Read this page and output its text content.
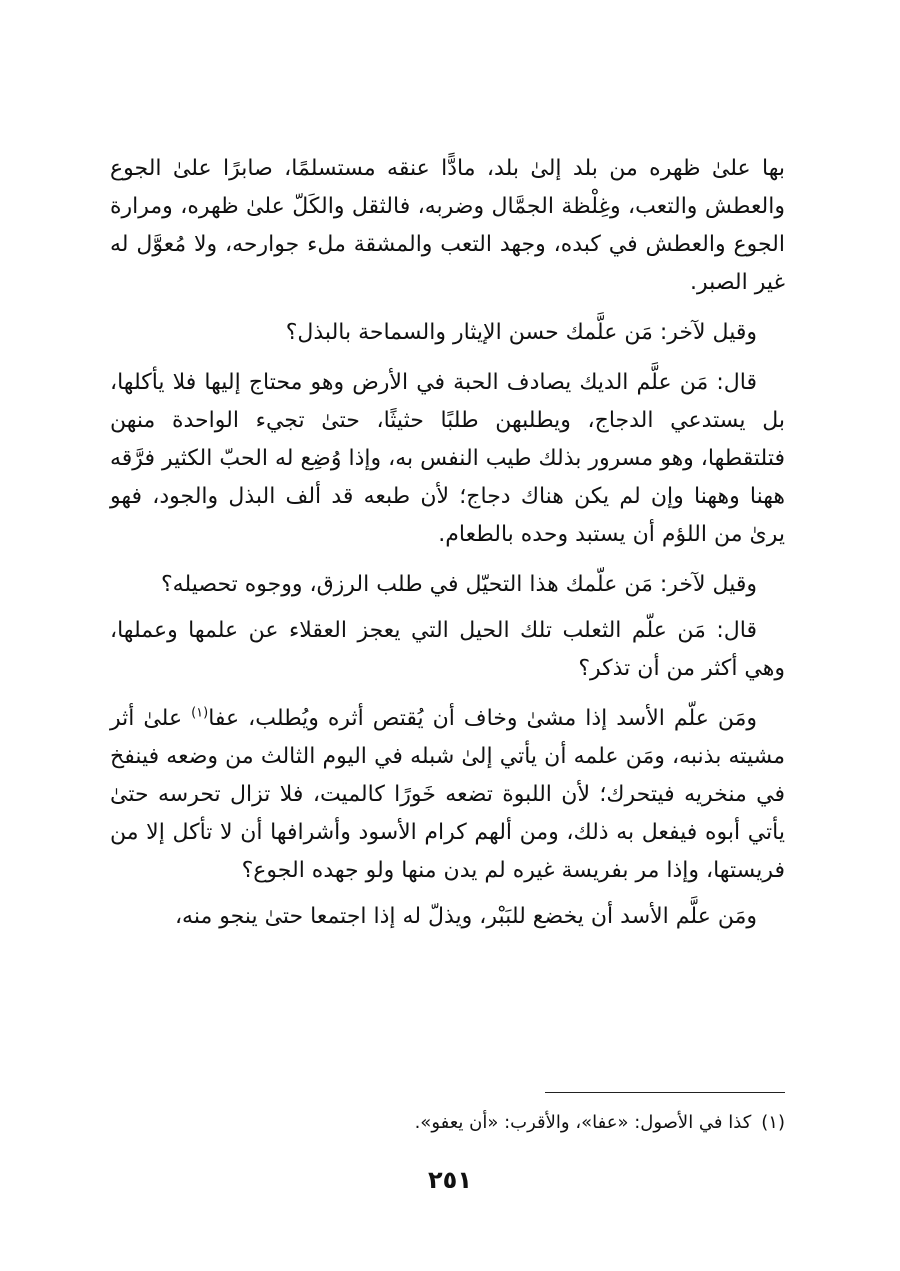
بها علىٰ ظهره من بلد إلىٰ بلد، مادًّا عنقه مستسلمًا، صابرًا علىٰ الجوع والعطش والتعب، وغِلْظة الجمَّال وضربه، فالثقل والكَلّ علىٰ ظهره، ومرارة الجوع والعطش في كبده، وجهد التعب والمشقة ملء جوارحه، ولا مُعوَّل له غير الصبر.

وقيل لآخر: مَن علَّمك حسن الإيثار والسماحة بالبذل؟

قال: مَن علَّم الديك يصادف الحبة في الأرض وهو محتاج إليها فلا يأكلها، بل يستدعي الدجاج، ويطلبهن طلبًا حثيثًا، حتىٰ تجيء الواحدة منهن فتلتقطها، وهو مسرور بذلك طيب النفس به، وإذا وُضِع له الحبّ الكثير فرَّقه ههنا وههنا وإن لم يكن هناك دجاج؛ لأن طبعه قد ألف البذل والجود، فهو يرىٰ من اللؤم أن يستبد وحده بالطعام.

وقيل لآخر: مَن علّمك هذا التحيّل في طلب الرزق، ووجوه تحصيله؟

قال: مَن علّم الثعلب تلك الحيل التي يعجز العقلاء عن علمها وعملها، وهي أكثر من أن تذكر؟

ومَن علّم الأسد إذا مشىٰ وخاف أن يُقتص أثره ويُطلب، عفا$^{(١)}$ علىٰ أثر مشيته بذنبه، ومَن علمه أن يأتي إلىٰ شبله في اليوم الثالث من وضعه فينفخ في منخريه فيتحرك؛ لأن اللبوة تضعه خَورًا كالميت، فلا تزال تحرسه حتىٰ يأتي أبوه فيفعل به ذلك، ومن ألهم كرام الأسود وأشرافها أن لا تأكل إلا من فريستها، وإذا مر بفريسة غيره لم يدن منها ولو جهده الجوع؟

ومَن علَّم الأسد أن يخضع للبَبْر، ويذلّ له إذا اجتمعا حتىٰ ينجو منه،

(١)كذا في الأصول: «عفا»، والأقرب: «أن يعفو».
٢٥١
